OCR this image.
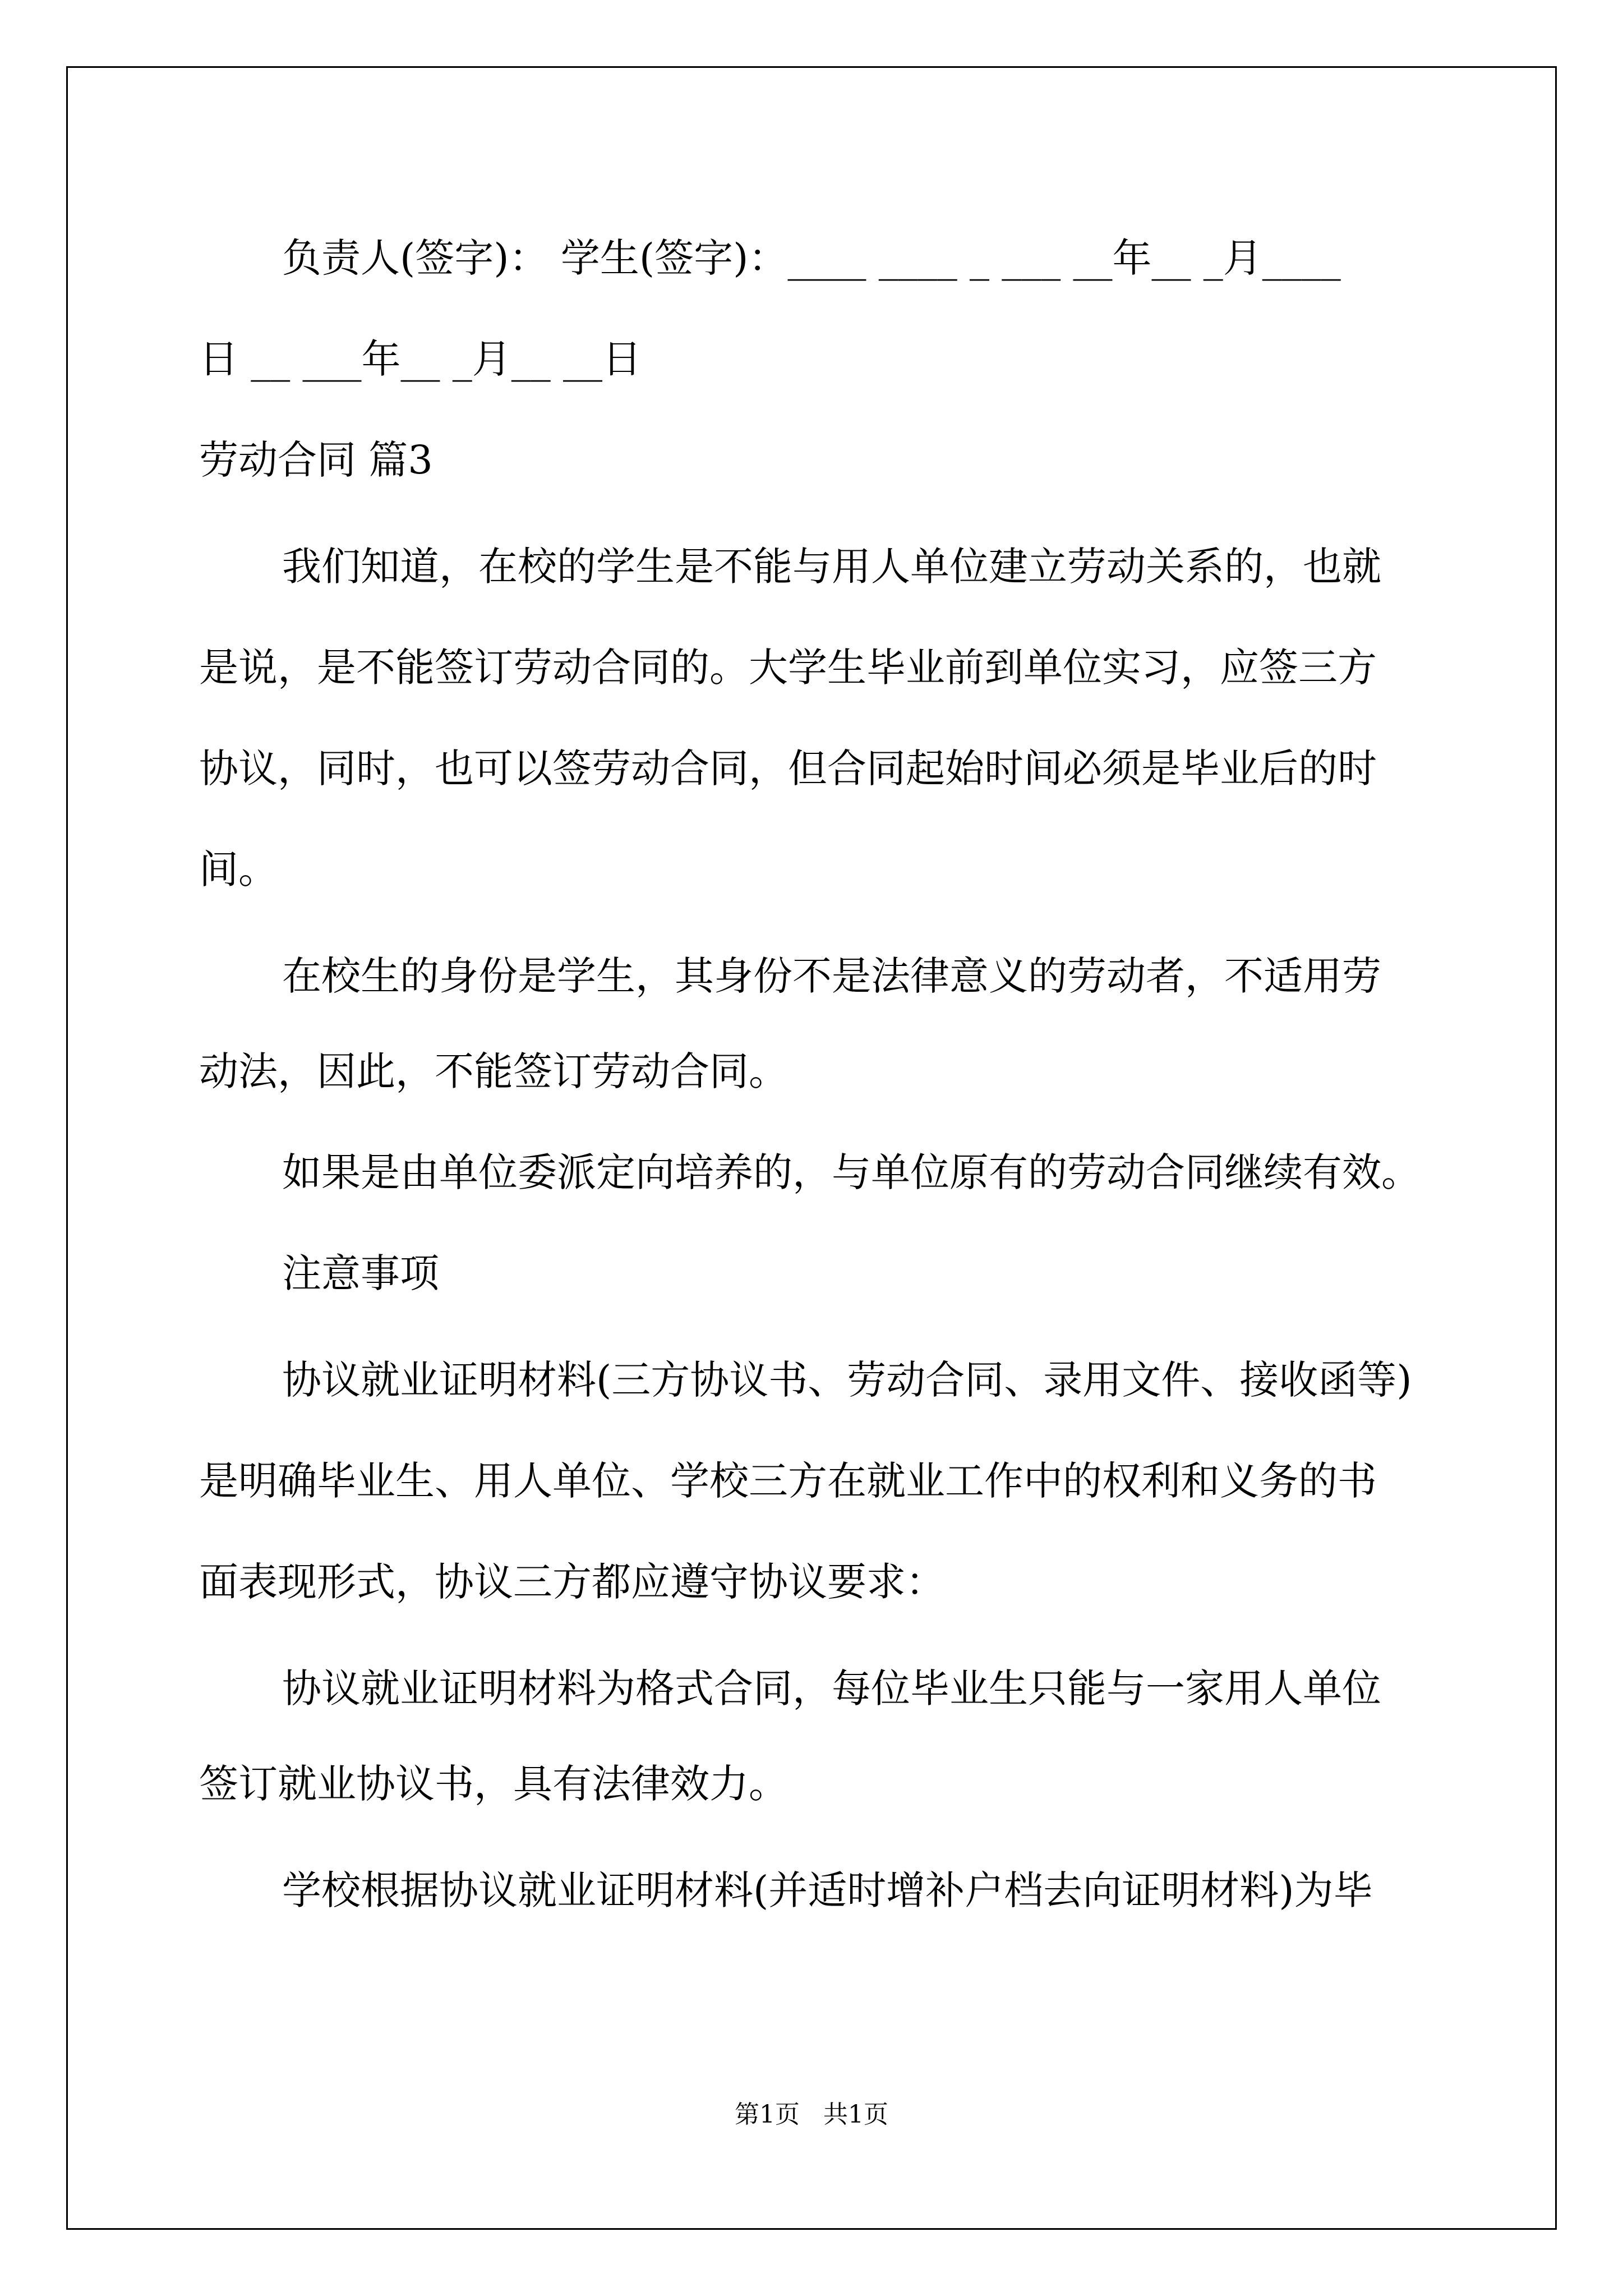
负责人(签字)： 学生(签字)：____ ____ _ ___ __年__ _月____
日 __ ___年__ _月__ __日
劳动合同 篇3
我们知道，在校的学生是不能与用人单位建立劳动关系的，也就
是说，是不能签订劳动合同的。大学生毕业前到单位实习，应签三方
协议，同时，也可以签劳动合同，但合同起始时间必须是毕业后的时
间。
在校生的身份是学生，其身份不是法律意义的劳动者，不适用劳
动法，因此，不能签订劳动合同。
如果是由单位委派定向培养的，与单位原有的劳动合同继续有效。
注意事项
协议就业证明材料(三方协议书、劳动合同、录用文件、接收函等)
是明确毕业生、用人单位、学校三方在就业工作中的权利和义务的书
面表现形式，协议三方都应遵守协议要求：
协议就业证明材料为格式合同，每位毕业生只能与一家用人单位
签订就业协议书，具有法律效力。
学校根据协议就业证明材料(并适时增补户档去向证明材料)为毕
第1页   共1页
